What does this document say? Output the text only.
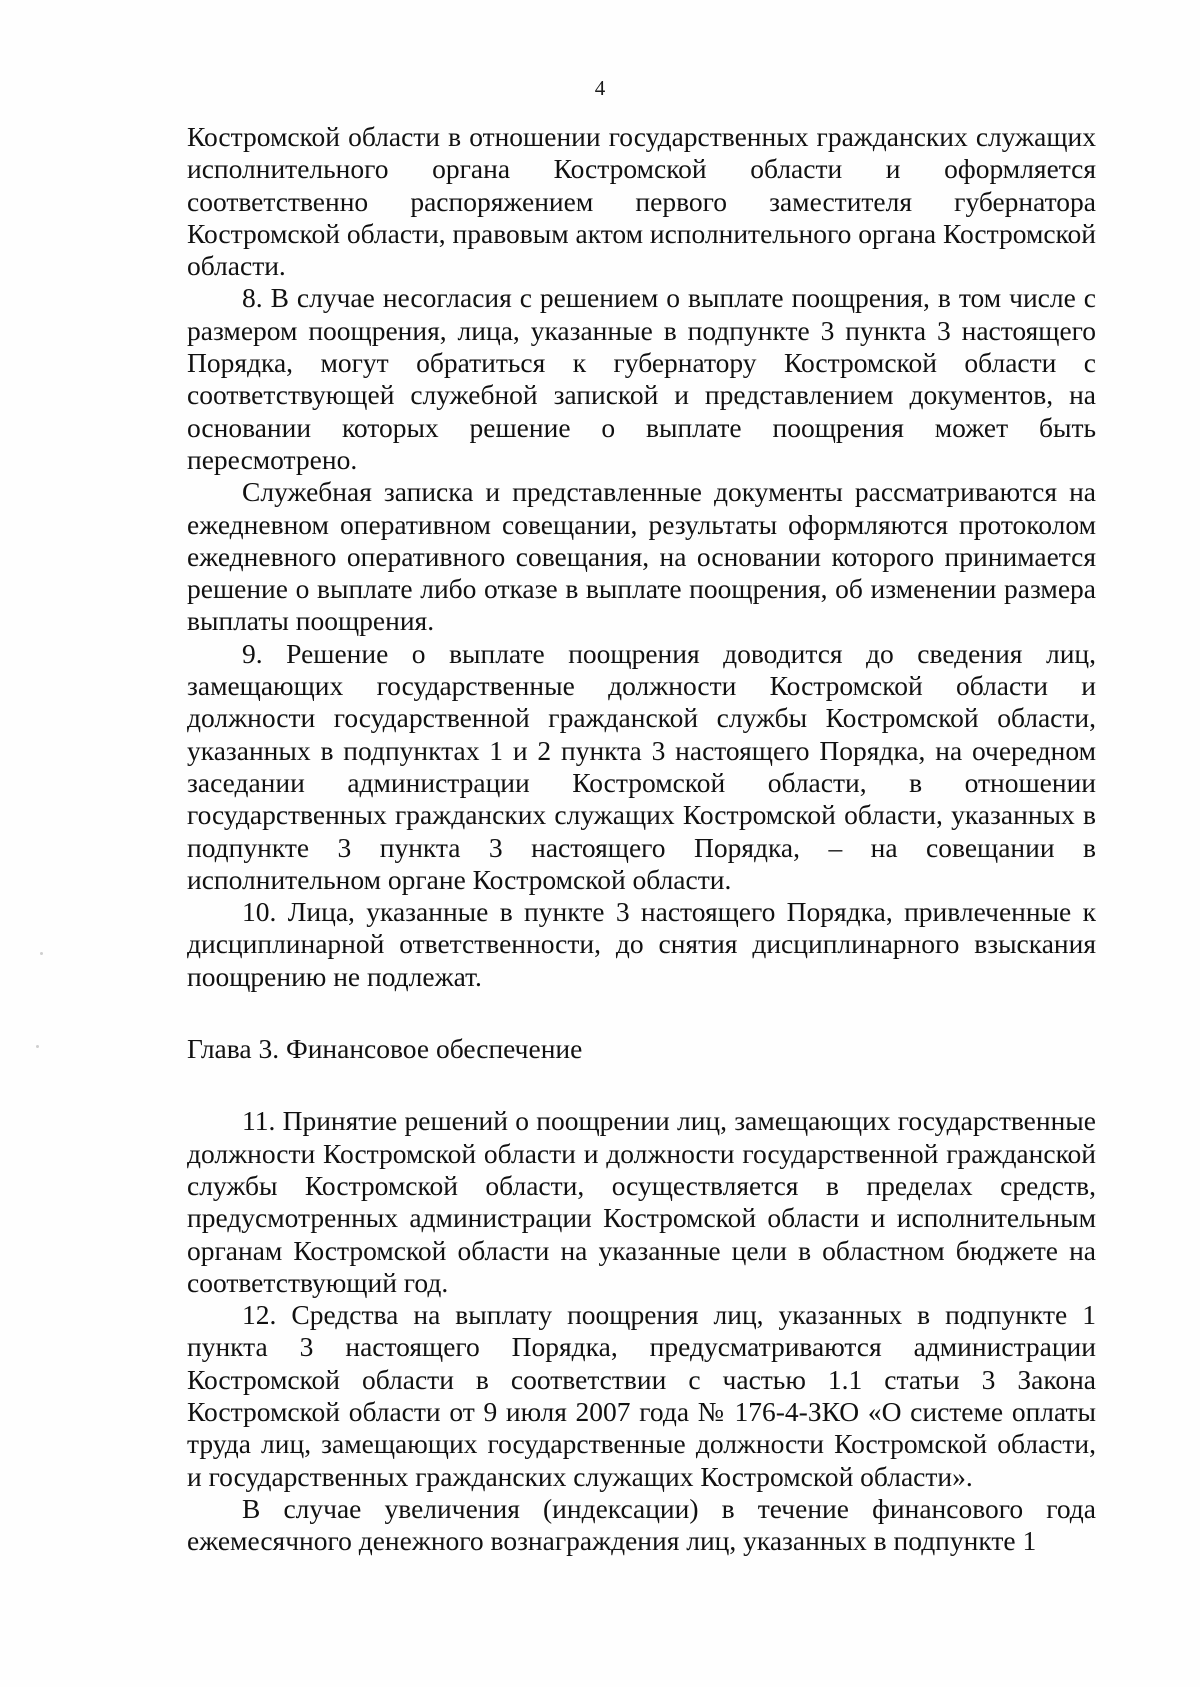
4

Костромской области в отношении государственных гражданских служащих исполнительного органа Костромской области и оформляется соответственно распоряжением первого заместителя губернатора Костромской области, правовым актом исполнительного органа Костромской области.

8. В случае несогласия с решением о выплате поощрения, в том числе с размером поощрения, лица, указанные в подпункте 3 пункта 3 настоящего Порядка, могут обратиться к губернатору Костромской области с соответствующей служебной запиской и представлением документов, на основании которых решение о выплате поощрения может быть пересмотрено.

Служебная записка и представленные документы рассматриваются на ежедневном оперативном совещании, результаты оформляются протоколом ежедневного оперативного совещания, на основании которого принимается решение о выплате либо отказе в выплате поощрения, об изменении размера выплаты поощрения.

9. Решение о выплате поощрения доводится до сведения лиц, замещающих государственные должности Костромской области и должности государственной гражданской службы Костромской области, указанных в подпунктах 1 и 2 пункта 3 настоящего Порядка, на очередном заседании администрации Костромской области, в отношении государственных гражданских служащих Костромской области, указанных в подпункте 3 пункта 3 настоящего Порядка, – на совещании в исполнительном органе Костромской области.

10. Лица, указанные в пункте 3 настоящего Порядка, привлеченные к дисциплинарной ответственности, до снятия дисциплинарного взыскания поощрению не подлежат.

Глава 3. Финансовое обеспечение

11. Принятие решений о поощрении лиц, замещающих государственные должности Костромской области и должности государственной гражданской службы Костромской области, осуществляется в пределах средств, предусмотренных администрации Костромской области и исполнительным органам Костромской области на указанные цели в областном бюджете на соответствующий год.

12. Средства на выплату поощрения лиц, указанных в подпункте 1 пункта 3 настоящего Порядка, предусматриваются администрации Костромской области в соответствии с частью 1.1 статьи 3 Закона Костромской области от 9 июля 2007 года № 176-4-ЗКО «О системе оплаты труда лиц, замещающих государственные должности Костромской области, и государственных гражданских служащих Костромской области».

В случае увеличения (индексации) в течение финансового года ежемесячного денежного вознаграждения лиц, указанных в подпункте 1
